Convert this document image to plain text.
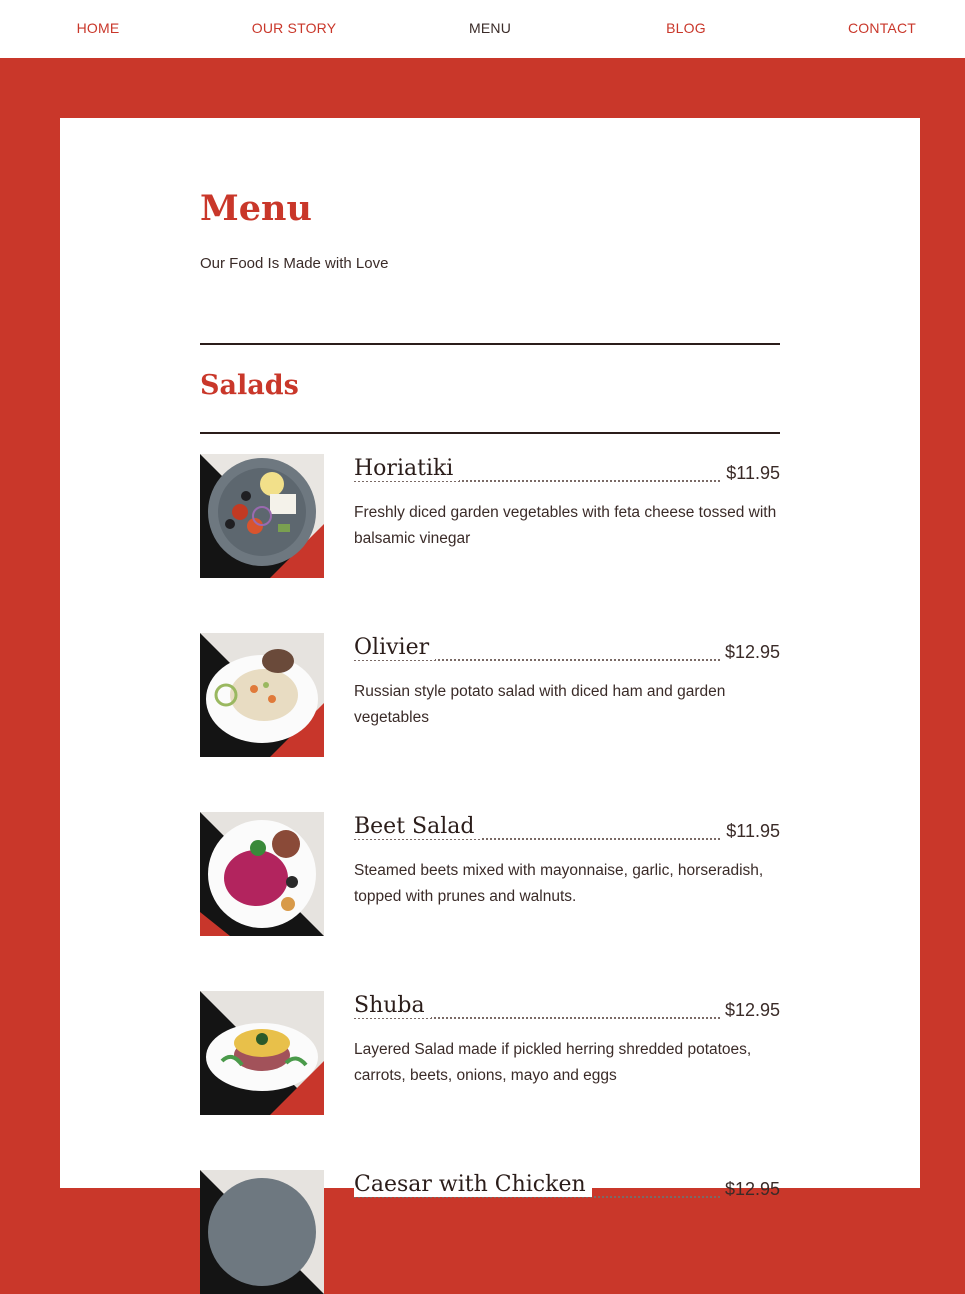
HOME	OUR STORY	MENU	BLOG	CONTACT
Menu

Our Food Is Made with Love

Salads
Horiatiki	$11.95
Freshly diced garden vegetables with feta cheese tossed with balsamic vinegar
Olivier	$12.95
Russian style potato salad with diced ham and garden vegetables
Beet Salad	$11.95
Steamed beets mixed with mayonnaise, garlic, horseradish, topped with prunes and walnuts.
Shuba	$12.95
Layered Salad made if pickled herring shredded potatoes, carrots, beets, onions, mayo and eggs
Caesar with Chicken	$12.95
